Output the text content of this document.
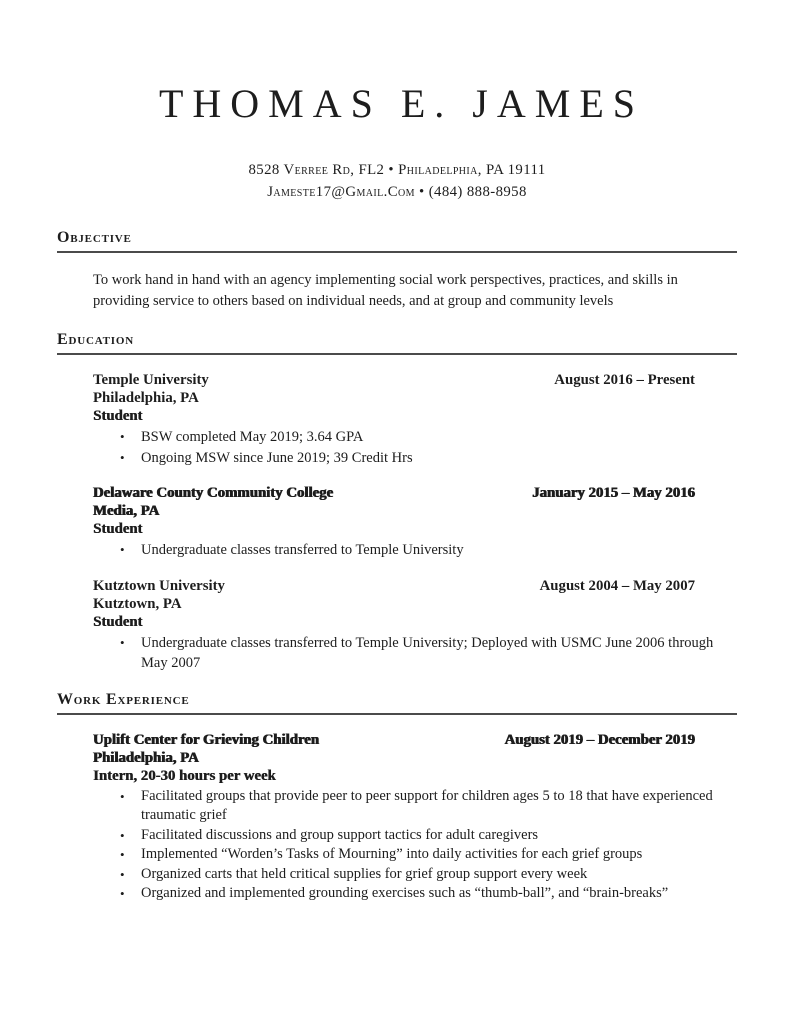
THOMAS E. JAMES
8528 Verree Rd, FL2 • Philadelphia, PA 19111
Jameste17@Gmail.Com • (484) 888-8958
Objective

To work hand in hand with an agency implementing social work perspectives, practices, and skills in providing service to others based on individual needs, and at group and community levels

Education
Temple University	August 2016 – Present
Philadelphia, PA
Student
• BSW completed May 2019; 3.64 GPA
• Ongoing MSW since June 2019; 39 Credit Hrs
Delaware County Community College	January 2015 – May 2016
Media, PA
Student
• Undergraduate classes transferred to Temple University
Kutztown University	August 2004 – May 2007
Kutztown, PA
Student
• Undergraduate classes transferred to Temple University; Deployed with USMC June 2006 through May 2007
Work Experience
Uplift Center for Grieving Children	August 2019 – December 2019
Philadelphia, PA
Intern, 20-30 hours per week
• Facilitated groups that provide peer to peer support for children ages 5 to 18 that have experienced traumatic grief
• Facilitated discussions and group support tactics for adult caregivers
• Implemented “Worden’s Tasks of Mourning” into daily activities for each grief groups
• Organized carts that held critical supplies for grief group support every week
• Organized and implemented grounding exercises such as “thumb-ball”, and “brain-breaks”
